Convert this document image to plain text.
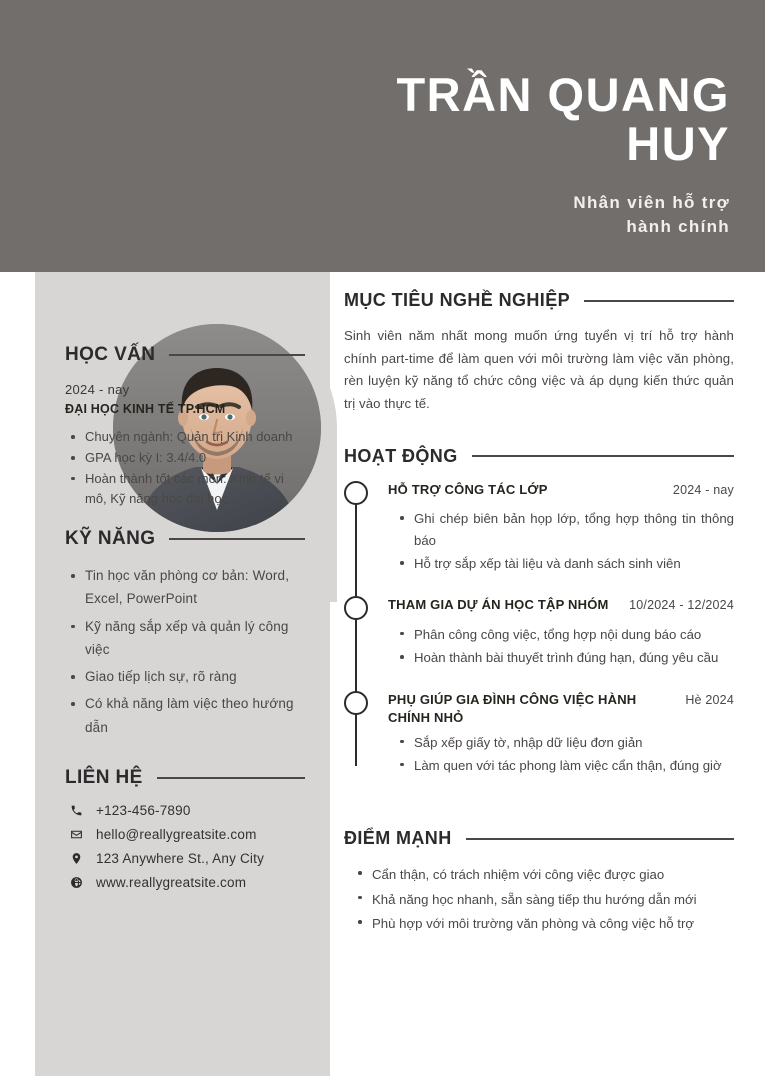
TRẦN QUANG
HUY
Nhân viên hỗ trợ
hành chính
HỌC VẤN
2024 - nay
ĐẠI HỌC KINH TẾ TP.HCM
Chuyên ngành: Quản trị Kinh doanh
GPA học kỳ I: 3.4/4.0
Hoàn thành tốt các môn: Kinh tế vi mô, Kỹ năng học đại học
KỸ NĂNG
Tin học văn phòng cơ bản: Word, Excel, PowerPoint
Kỹ năng sắp xếp và quản lý công việc
Giao tiếp lịch sự, rõ ràng
Có khả năng làm việc theo hướng dẫn
LIÊN HỆ
+123-456-7890
hello@reallygreatsite.com
123 Anywhere St., Any City
www.reallygreatsite.com
MỤC TIÊU NGHỀ NGHIỆP

Sinh viên năm nhất mong muốn ứng tuyển vị trí hỗ trợ hành chính part-time để làm quen với môi trường làm việc văn phòng, rèn luyện kỹ năng tổ chức công việc và áp dụng kiến thức quản trị vào thực tế.

HOẠT ĐỘNG
HỖ TRỢ CÔNG TÁC LỚP	2024 - nay
Ghi chép biên bản họp lớp, tổng hợp thông tin thông báo
Hỗ trợ sắp xếp tài liệu và danh sách sinh viên
THAM GIA DỰ ÁN HỌC TẬP NHÓM 10/2024 - 12/2024
Phân công công việc, tổng hợp nội dung báo cáo
Hoàn thành bài thuyết trình đúng hạn, đúng yêu cầu
PHỤ GIÚP GIA ĐÌNH CÔNG VIỆC HÀNH CHÍNH NHỎ
Hè 2024
Sắp xếp giấy tờ, nhập dữ liệu đơn giản
Làm quen với tác phong làm việc cẩn thận, đúng giờ
ĐIỂM MẠNH
Cẩn thận, có trách nhiệm với công việc được giao
Khả năng học nhanh, sẵn sàng tiếp thu hướng dẫn mới
Phù hợp với môi trường văn phòng và công việc hỗ trợ
